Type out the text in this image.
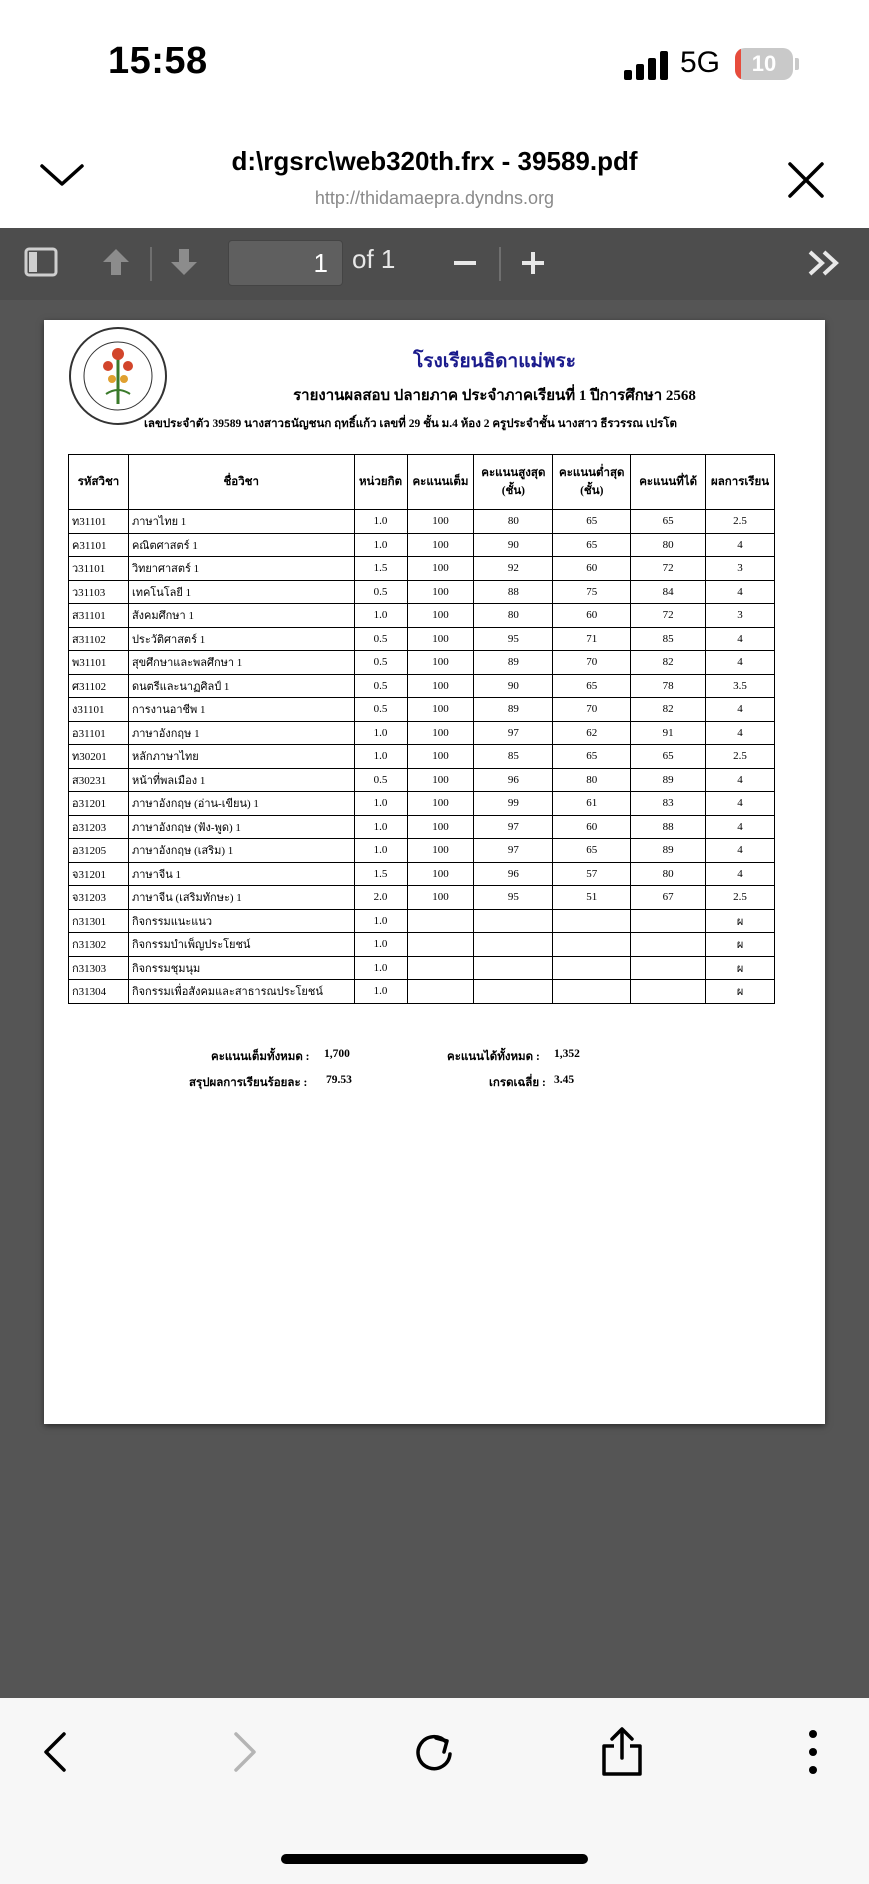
15:58	5G	10
d:\rgsrc\web320th.frx - 39589.pdf
http://thidamaepra.dyndns.org
1 of 1
โรงเรียนธิดาแม่พระ
รายงานผลสอบ ปลายภาค ประจำภาคเรียนที่ 1 ปีการศึกษา 2568
เลขประจำตัว 39589 นางสาวธนัญชนก ฤทธิ์แก้ว เลขที่ 29 ชั้น ม.4 ห้อง 2 ครูประจำชั้น นางสาว ธีรวรรณ เปรโต
รหัสวิชา	ชื่อวิชา	หน่วยกิต	คะแนนเต็ม	คะแนนสูงสุด
(ชั้น)	คะแนนต่ำสุด
(ชั้น)	คะแนนที่ได้	ผลการเรียน
ท31101	ภาษาไทย 1	1.0	100	80	65	65	2.5
ค31101	คณิตศาสตร์ 1	1.0	100	90	65	80	4
ว31101	วิทยาศาสตร์ 1	1.5	100	92	60	72	3
ว31103	เทคโนโลยี 1	0.5	100	88	75	84	4
ส31101	สังคมศึกษา 1	1.0	100	80	60	72	3
ส31102	ประวัติศาสตร์ 1	0.5	100	95	71	85	4
พ31101	สุขศึกษาและพลศึกษา 1	0.5	100	89	70	82	4
ศ31102	ดนตรีและนาฏศิลป์ 1	0.5	100	90	65	78	3.5
ง31101	การงานอาชีพ 1	0.5	100	89	70	82	4
อ31101	ภาษาอังกฤษ 1	1.0	100	97	62	91	4
ท30201	หลักภาษาไทย	1.0	100	85	65	65	2.5
ส30231	หน้าที่พลเมือง 1	0.5	100	96	80	89	4
อ31201	ภาษาอังกฤษ (อ่าน-เขียน) 1	1.0	100	99	61	83	4
อ31203	ภาษาอังกฤษ (ฟัง-พูด) 1	1.0	100	97	60	88	4
อ31205	ภาษาอังกฤษ (เสริม) 1	1.0	100	97	65	89	4
จ31201	ภาษาจีน 1	1.5	100	96	57	80	4
จ31203	ภาษาจีน (เสริมทักษะ) 1	2.0	100	95	51	67	2.5
ก31301	กิจกรรมแนะแนว	1.0					ผ
ก31302	กิจกรรมบำเพ็ญประโยชน์	1.0					ผ
ก31303	กิจกรรมชุมนุม	1.0					ผ
ก31304	กิจกรรมเพื่อสังคมและสาธารณประโยชน์	1.0					ผ
คะแนนเต็มทั้งหมด : 1,700	คะแนนได้ทั้งหมด : 1,352
สรุปผลการเรียนร้อยละ : 79.53	เกรดเฉลี่ย : 3.45
